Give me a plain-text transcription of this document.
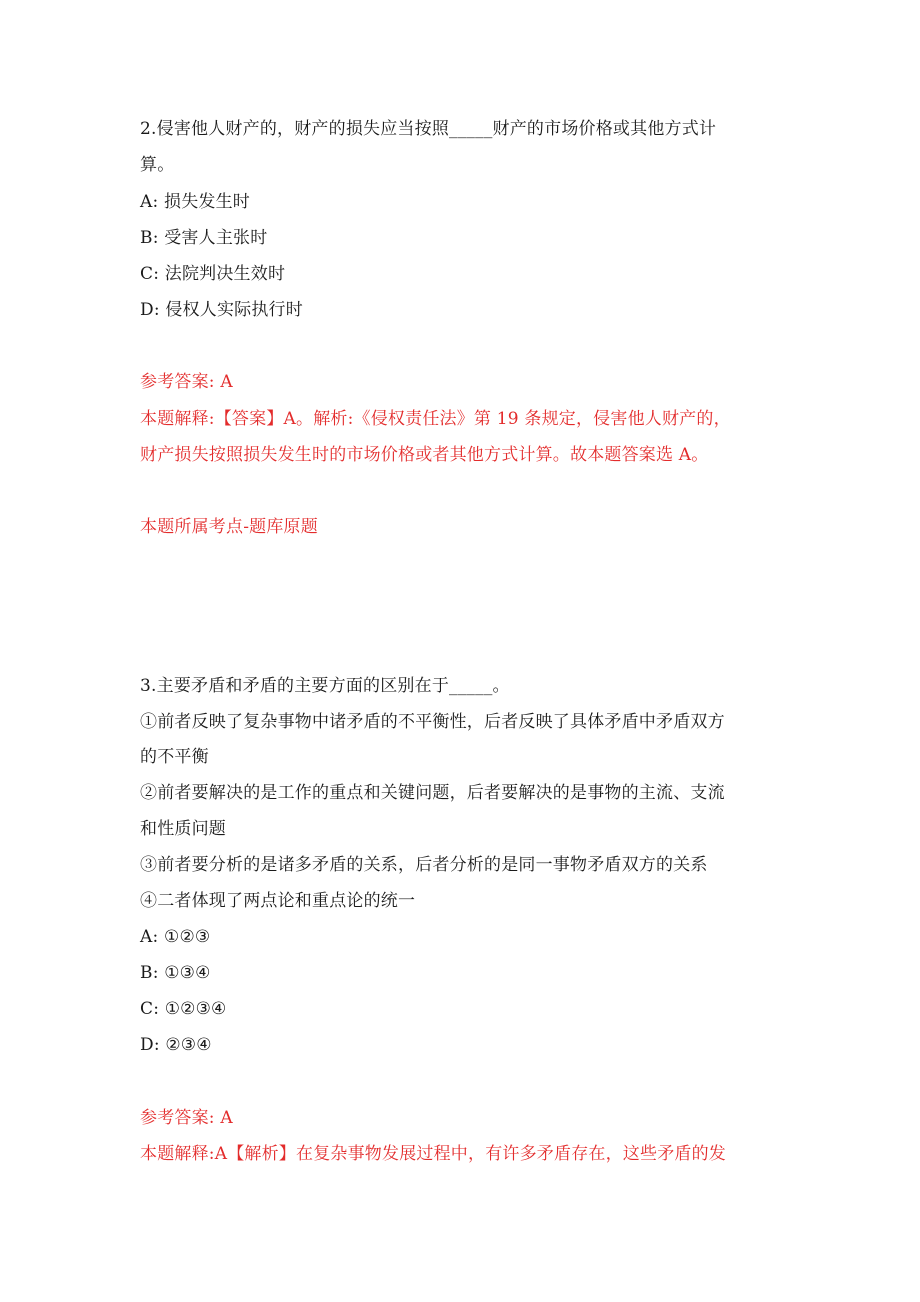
2.侵害他人财产的，财产的损失应当按照_____财产的市场价格或其他方式计
算。
A: 损失发生时
B: 受害人主张时
C: 法院判决生效时
D: 侵权人实际执行时
参考答案: A
本题解释:【答案】A。解析:《侵权责任法》第 19 条规定，侵害他人财产的，
财产损失按照损失发生时的市场价格或者其他方式计算。故本题答案选 A。
本题所属考点-题库原题
3.主要矛盾和矛盾的主要方面的区别在于_____。
①前者反映了复杂事物中诸矛盾的不平衡性，后者反映了具体矛盾中矛盾双方
的不平衡
②前者要解决的是工作的重点和关键问题，后者要解决的是事物的主流、支流
和性质问题
③前者要分析的是诸多矛盾的关系，后者分析的是同一事物矛盾双方的关系
④二者体现了两点论和重点论的统一
A: ①②③
B: ①③④
C: ①②③④
D: ②③④
参考答案: A
本题解释:A【解析】在复杂事物发展过程中，有许多矛盾存在，这些矛盾的发
